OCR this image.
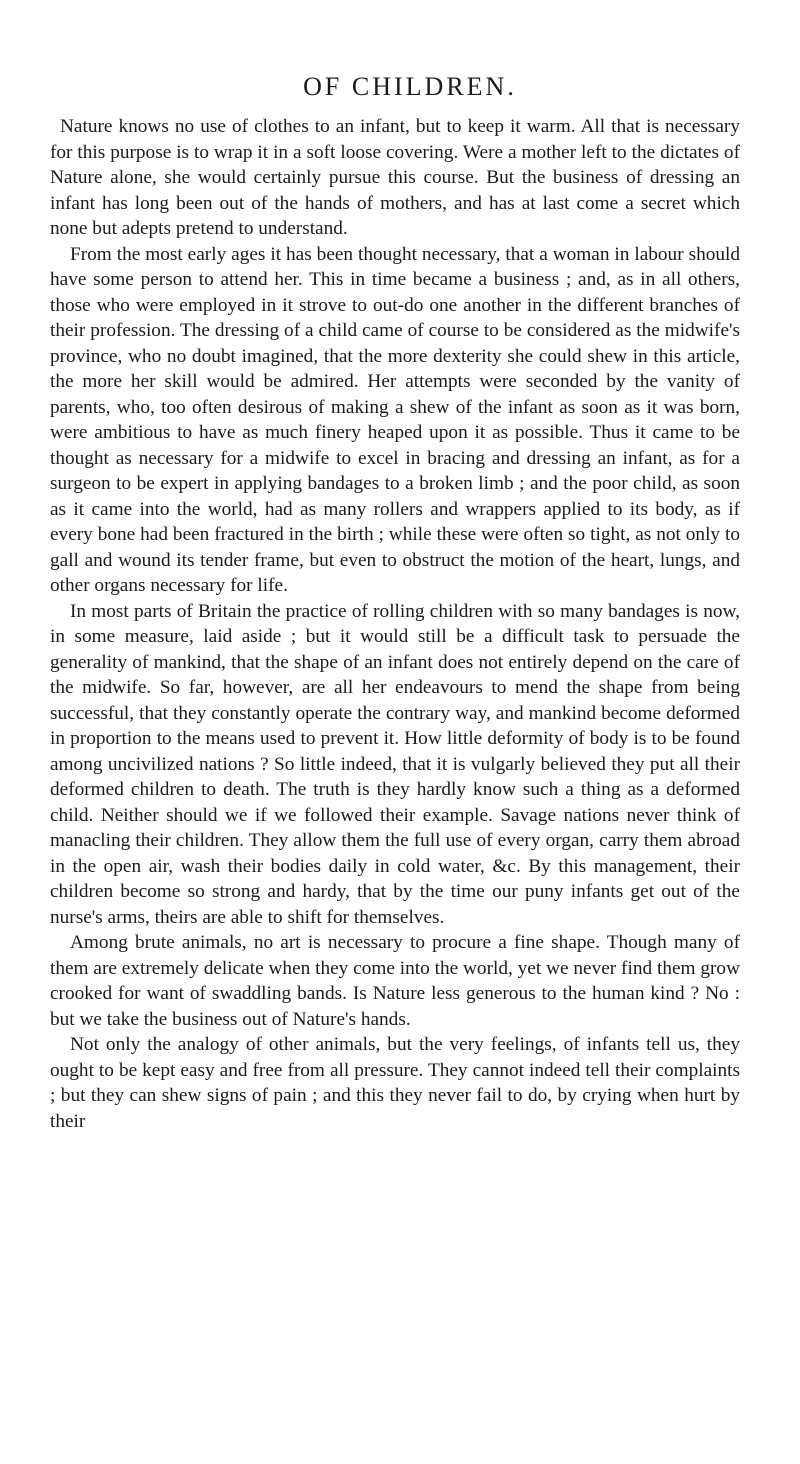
OF CHILDREN.

Nature knows no use of clothes to an infant, but to keep it warm. All that is necessary for this purpose is to wrap it in a soft loose covering. Were a mother left to the dictates of Nature alone, she would certainly pursue this course. But the business of dressing an infant has long been out of the hands of mothers, and has at last come a secret which none but adepts pretend to understand.

From the most early ages it has been thought necessary, that a woman in labour should have some person to attend her. This in time became a business ; and, as in all others, those who were employed in it strove to out-do one another in the different branches of their profession. The dressing of a child came of course to be considered as the midwife's province, who no doubt imagined, that the more dexterity she could shew in this article, the more her skill would be admired. Her attempts were seconded by the vanity of parents, who, too often desirous of making a shew of the infant as soon as it was born, were ambitious to have as much finery heaped upon it as possible. Thus it came to be thought as necessary for a midwife to excel in bracing and dressing an infant, as for a surgeon to be expert in applying bandages to a broken limb ; and the poor child, as soon as it came into the world, had as many rollers and wrappers applied to its body, as if every bone had been fractured in the birth ; while these were often so tight, as not only to gall and wound its tender frame, but even to obstruct the motion of the heart, lungs, and other organs necessary for life.

In most parts of Britain the practice of rolling children with so many bandages is now, in some measure, laid aside ; but it would still be a difficult task to persuade the generality of mankind, that the shape of an infant does not entirely depend on the care of the midwife. So far, however, are all her endeavours to mend the shape from being successful, that they constantly operate the contrary way, and mankind become deformed in proportion to the means used to prevent it. How little deformity of body is to be found among uncivilized nations ? So little indeed, that it is vulgarly believed they put all their deformed children to death. The truth is they hardly know such a thing as a deformed child. Neither should we if we followed their example. Savage nations never think of manacling their children. They allow them the full use of every organ, carry them abroad in the open air, wash their bodies daily in cold water, &c. By this management, their children become so strong and hardy, that by the time our puny infants get out of the nurse's arms, theirs are able to shift for themselves.

Among brute animals, no art is necessary to procure a fine shape. Though many of them are extremely delicate when they come into the world, yet we never find them grow crooked for want of swaddling bands. Is Nature less generous to the human kind ? No : but we take the business out of Nature's hands.

Not only the analogy of other animals, but the very feelings, of infants tell us, they ought to be kept easy and free from all pressure. They cannot indeed tell their complaints ; but they can shew signs of pain ; and this they never fail to do, by crying when hurt by their
